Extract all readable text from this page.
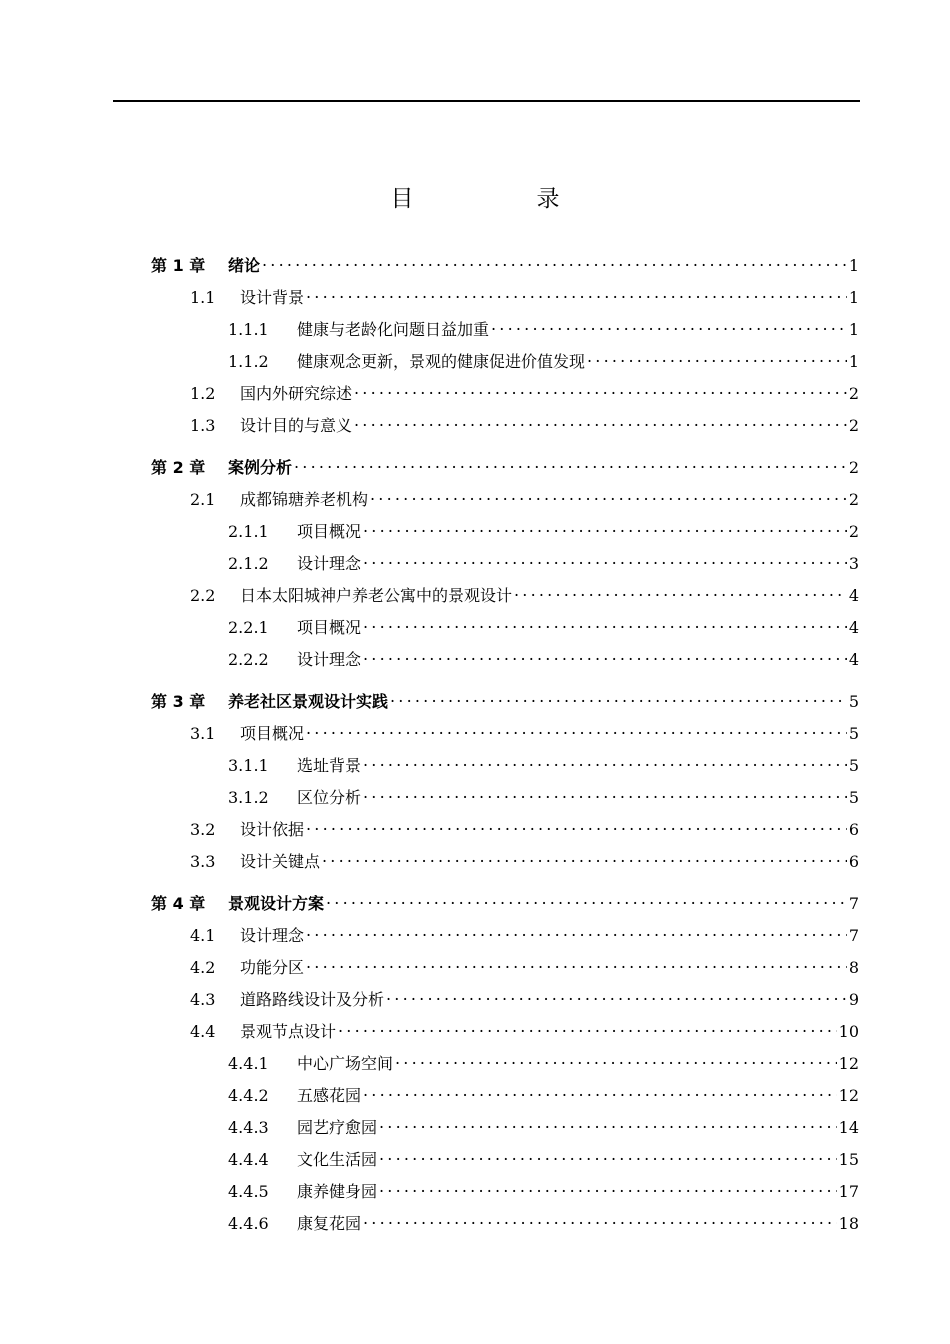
目　录
第 1 章	绪论 .....	1
1.1	设计背景 .....	1
1.1.1	健康与老龄化问题日益加重 .....	1
1.1.2	健康观念更新，景观的健康促进价值发现 .....	1
1.2	国内外研究综述 .....	2
1.3	设计目的与意义 .....	2
第 2 章	案例分析 .....	2
2.1	成都锦瑭养老机构 .....	2
2.1.1	项目概况 .....	2
2.1.2	设计理念 .....	3
2.2	日本太阳城神户养老公寓中的景观设计 .....	4
2.2.1	项目概况 .....	4
2.2.2	设计理念 .....	4
第 3 章	养老社区景观设计实践 .....	5
3.1	项目概况 .....	5
3.1.1	选址背景 .....	5
3.1.2	区位分析 .....	5
3.2	设计依据 .....	6
3.3	设计关键点 .....	6
第 4 章	景观设计方案 .....	7
4.1	设计理念 .....	7
4.2	功能分区 .....	8
4.3	道路路线设计及分析 .....	9
4.4	景观节点设计 .....	10
4.4.1	中心广场空间 .....	12
4.4.2	五感花园 .....	12
4.4.3	园艺疗愈园 .....	14
4.4.4	文化生活园 .....	15
4.4.5	康养健身园 .....	17
4.4.6	康复花园 .....	18
